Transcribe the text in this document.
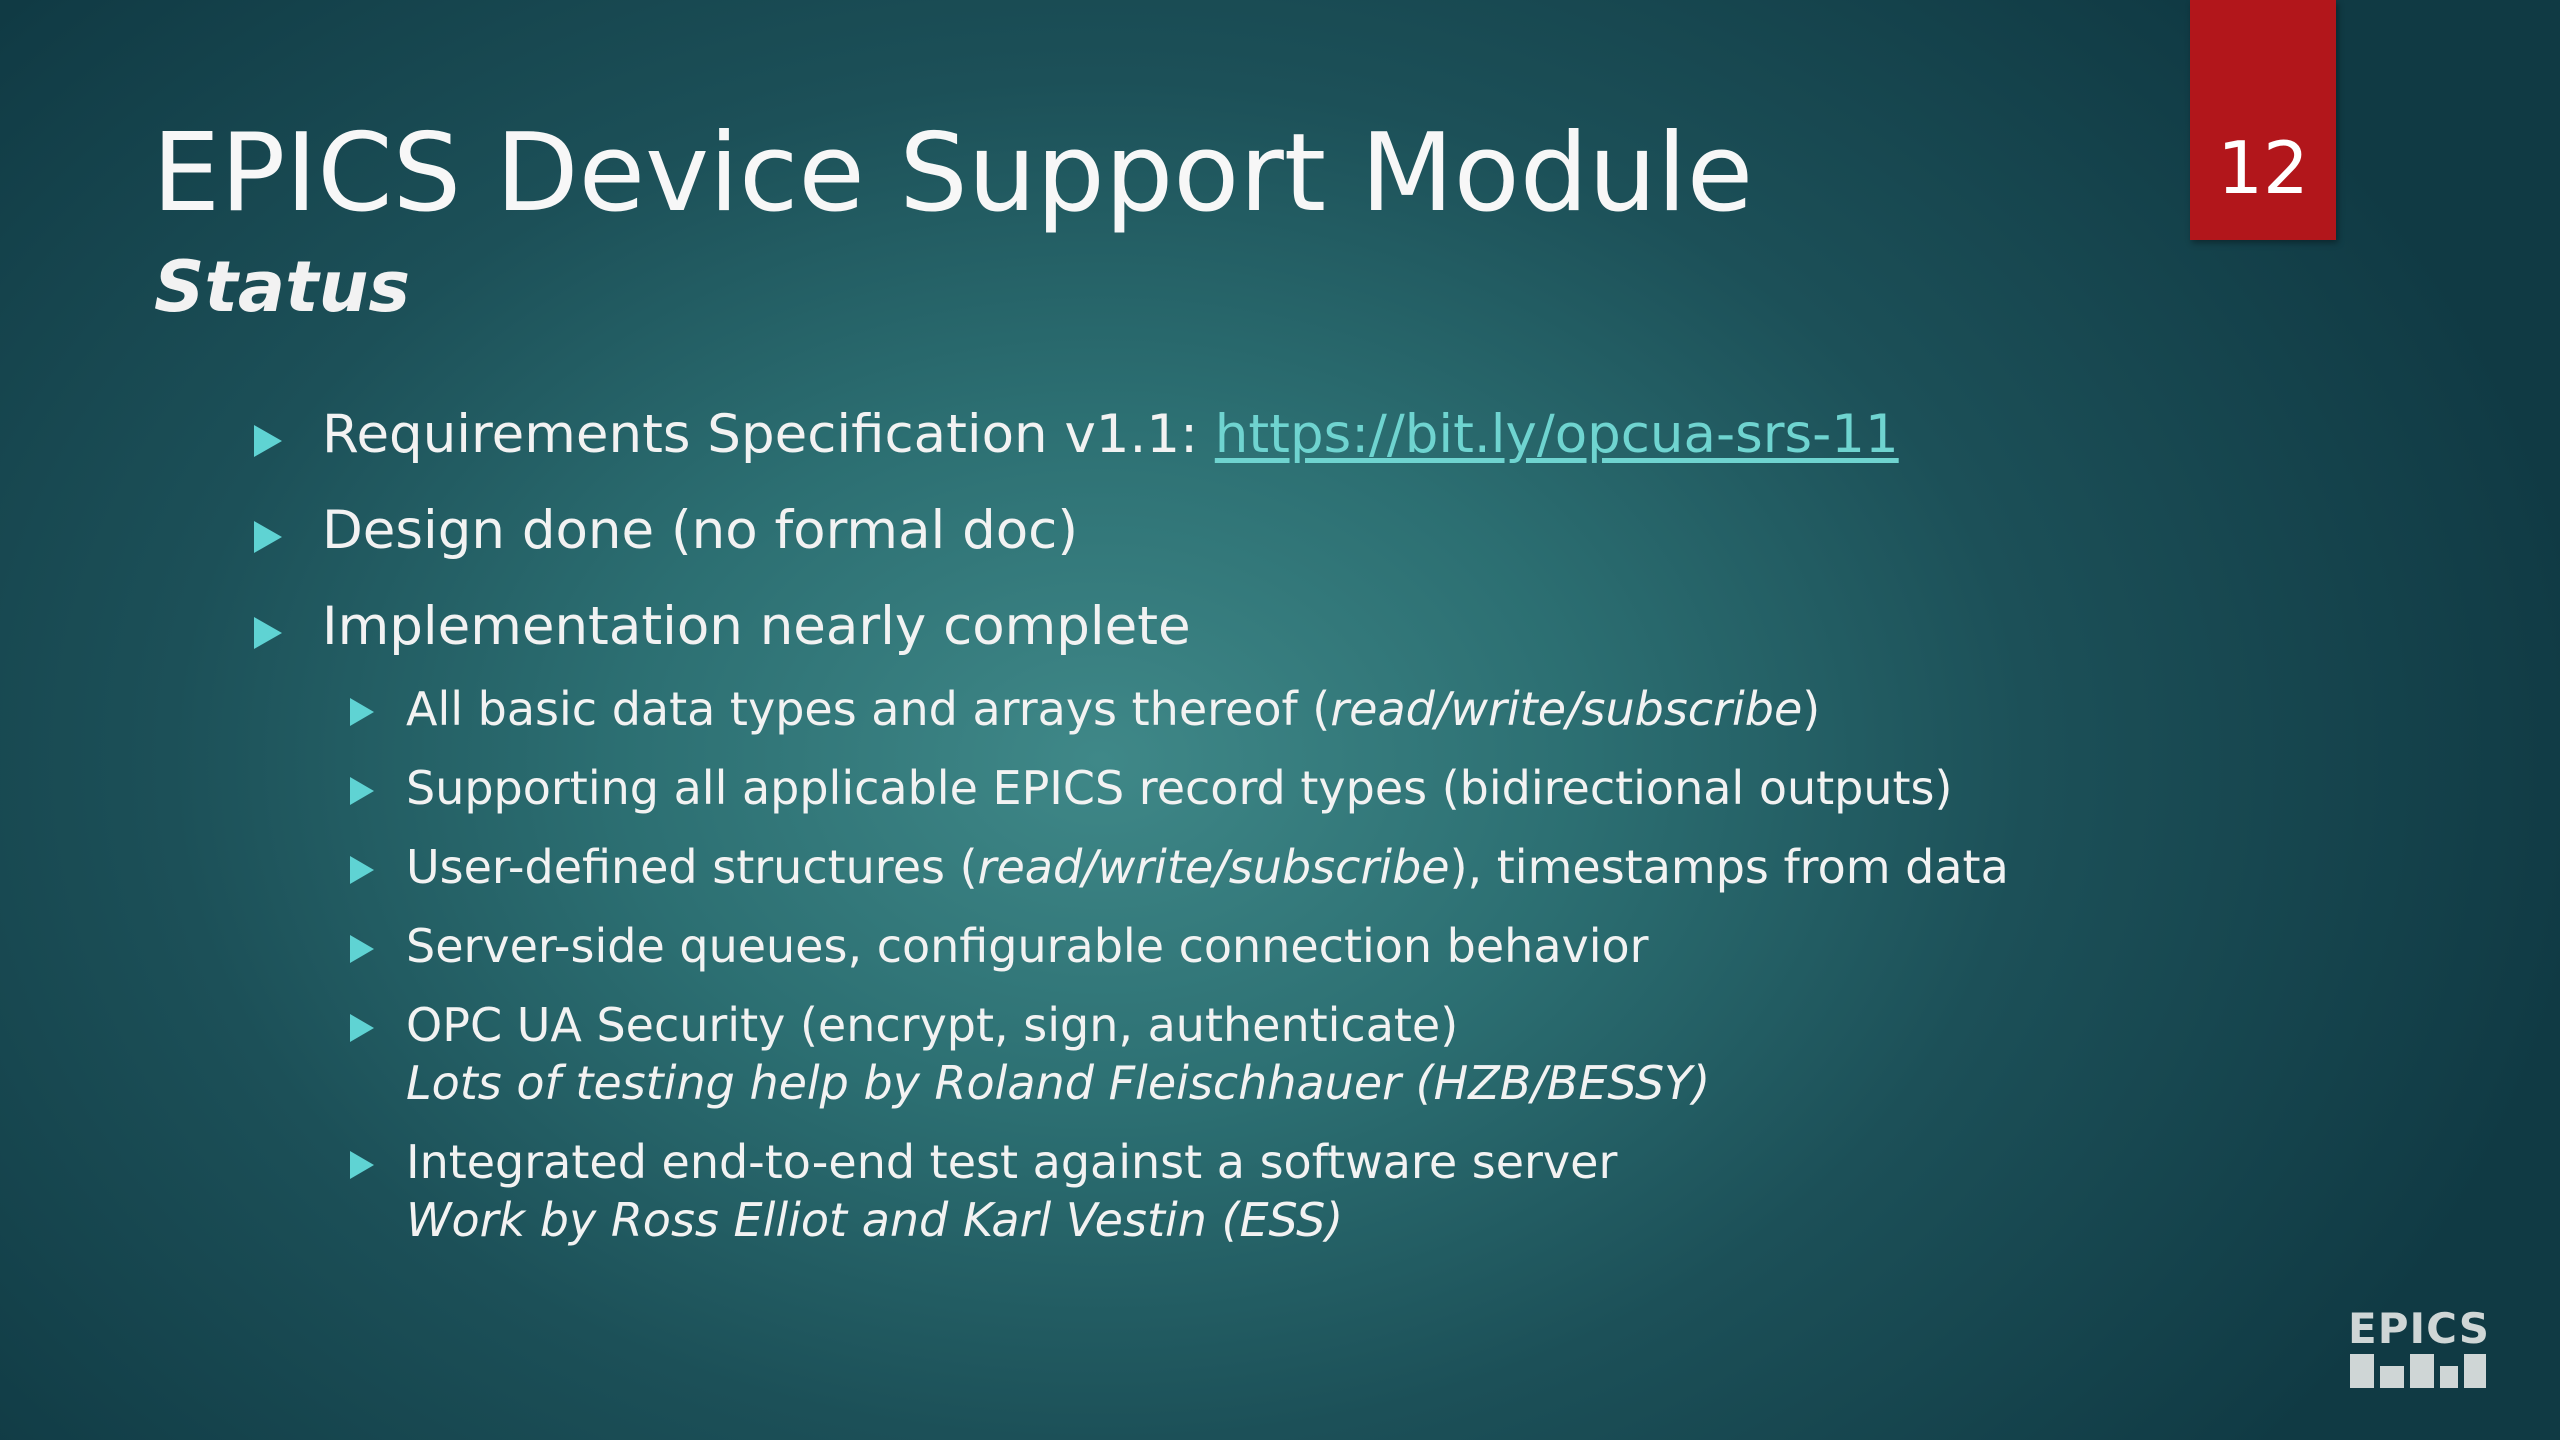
EPICS Device Support Module
Status
12
Requirements Specification v1.1: https://bit.ly/opcua-srs-11
Design done (no formal doc)
Implementation nearly complete
All basic data types and arrays thereof (read/write/subscribe)
Supporting all applicable EPICS record types (bidirectional outputs)
User-defined structures (read/write/subscribe), timestamps from data
Server-side queues, configurable connection behavior
OPC UA Security (encrypt, sign, authenticate)
Lots of testing help by Roland Fleischhauer (HZB/BESSY)
Integrated end-to-end test against a software server
Work by Ross Elliot and Karl Vestin (ESS)
EPICS
